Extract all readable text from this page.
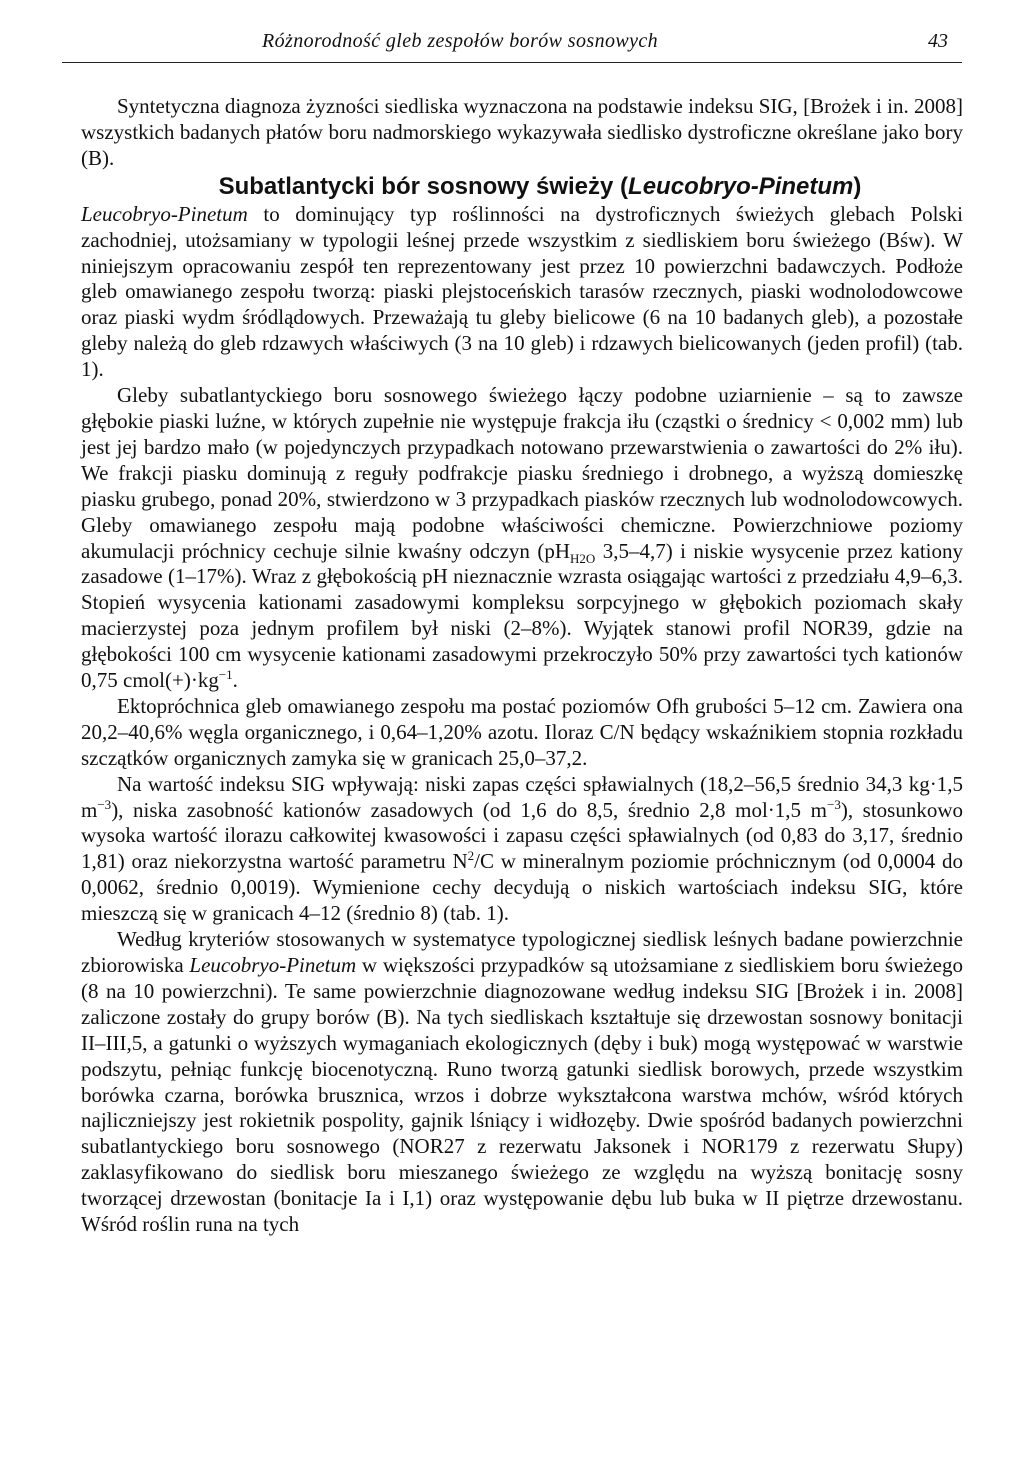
Różnorodność gleb zespołów borów sosnowych	43

Syntetyczna diagnoza żyzności siedliska wyznaczona na podstawie indeksu SIG, [Brożek i in. 2008] wszystkich badanych płatów boru nadmorskiego wykazywała siedlisko dystroficzne określane jako bory (B).

Subatlantycki bór sosnowy świeży (Leucobryo-Pinetum)

Leucobryo-Pinetum to dominujący typ roślinności na dystroficznych świeżych glebach Polski zachodniej, utożsamiany w typologii leśnej przede wszystkim z siedliskiem boru świeżego (Bśw). W niniejszym opracowaniu zespół ten reprezentowany jest przez 10 powierzchni badawczych. Podłoże gleb omawianego zespołu tworzą: piaski plejstoceńskich tarasów rzecznych, piaski wodnolodowcowe oraz piaski wydm śródlądowych. Przeważają tu gleby bielicowe (6 na 10 badanych gleb), a pozostałe gleby należą do gleb rdzawych właściwych (3 na 10 gleb) i rdzawych bielicowanych (jeden profil) (tab. 1).

Gleby subatlantyckiego boru sosnowego świeżego łączy podobne uziarnienie – są to zawsze głębokie piaski luźne, w których zupełnie nie występuje frakcja iłu (cząstki o średnicy < 0,002 mm) lub jest jej bardzo mało (w pojedynczych przypadkach notowano przewarstwienia o zawartości do 2% iłu). We frakcji piasku dominują z reguły podfrakcje piasku średniego i drobnego, a wyższą domieszkę piasku grubego, ponad 20%, stwierdzono w 3 przypadkach piasków rzecznych lub wodnolodowcowych. Gleby omawianego zespołu mają podobne właściwości chemiczne. Powierzchniowe poziomy akumulacji próchnicy cechuje silnie kwaśny odczyn ($pH_{H2O}$ 3,5–4,7) i niskie wysycenie przez kationy zasadowe (1–17%). Wraz z głębokością pH nieznacznie wzrasta osiągając wartości z przedziału 4,9–6,3. Stopień wysycenia kationami zasadowymi kompleksu sorpcyjnego w głębokich poziomach skały macierzystej poza jednym profilem był niski (2–8%). Wyjątek stanowi profil NOR39, gdzie na głębokości 100 cm wysycenie kationami zasadowymi przekroczyło 50% przy zawartości tych kationów 0,75 $cmol(+)\cdot kg^{-1}$.

Ektopróchnica gleb omawianego zespołu ma postać poziomów Ofh grubości 5–12 cm. Zawiera ona 20,2–40,6% węgla organicznego, i 0,64–1,20% azotu. Iloraz C/N będący wskaźnikiem stopnia rozkładu szczątków organicznych zamyka się w granicach 25,0–37,2.

Na wartość indeksu SIG wpływają: niski zapas części spławialnych (18,2–56,5 średnio 34,3 kg·1,5 $m^{-3}$), niska zasobność kationów zasadowych (od 1,6 do 8,5, średnio 2,8 mol·1,5 $m^{-3}$), stosunkowo wysoka wartość ilorazu całkowitej kwasowości i zapasu części spławialnych (od 0,83 do 3,17, średnio 1,81) oraz niekorzystna wartość parametru $N^2/C$ w mineralnym poziomie próchnicznym (od 0,0004 do 0,0062, średnio 0,0019). Wymienione cechy decydują o niskich wartościach indeksu SIG, które mieszczą się w granicach 4–12 (średnio 8) (tab. 1).

Według kryteriów stosowanych w systematyce typologicznej siedlisk leśnych badane powierzchnie zbiorowiska Leucobryo-Pinetum w większości przypadków są utożsamiane z siedliskiem boru świeżego (8 na 10 powierzchni). Te same powierzchnie diagnozowane według indeksu SIG [Brożek i in. 2008] zaliczone zostały do grupy borów (B). Na tych siedliskach kształtuje się drzewostan sosnowy bonitacji II–III,5, a gatunki o wyższych wymaganiach ekologicznych (dęby i buk) mogą występować w warstwie podszytu, pełniąc funkcję biocenotyczną. Runo tworzą gatunki siedlisk borowych, przede wszystkim borówka czarna, borówka brusznica, wrzos i dobrze wykształcona warstwa mchów, wśród których najliczniejszy jest rokietnik pospolity, gajnik lśniący i widłozęby. Dwie spośród badanych powierzchni subatlantyckiego boru sosnowego (NOR27 z rezerwatu Jaksonek i NOR179 z rezerwatu Słupy) zaklasyfikowano do siedlisk boru mieszanego świeżego ze względu na wyższą bonitację sosny tworzącej drzewostan (bonitacje Ia i I,1) oraz występowanie dębu lub buka w II piętrze drzewostanu. Wśród roślin runa na tych
